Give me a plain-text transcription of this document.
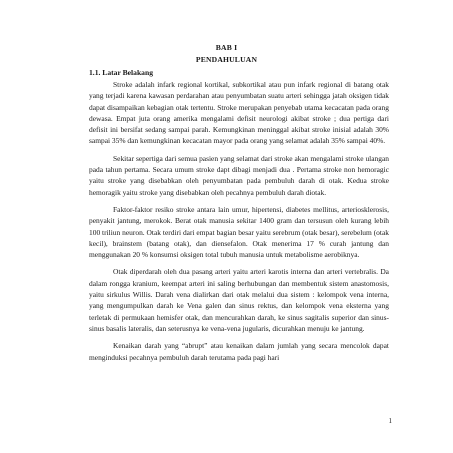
BAB I
PENDAHULUAN
1.1. Latar Belakang

Stroke adalah infark regional kortikal, subkortikal atau pun infark regional di batang otak yang terjadi karena kawasan perdarahan atau penyumbatan suatu arteri sehingga jatah oksigen tidak dapat disampaikan kebagian otak tertentu. Stroke merupakan penyebab utama kecacatan pada orang dewasa. Empat juta orang amerika mengalami defisit neurologi akibat stroke ; dua pertiga dari defisit ini bersifat sedang sampai parah. Kemungkinan meninggal akibat stroke inisial adalah 30% sampai 35% dan kemungkinan kecacatan mayor pada orang yang selamat adalah 35% sampai 40%.

Sekitar sepertiga dari semua pasien yang selamat dari stroke akan mengalami stroke ulangan pada tahun pertama. Secara umum stroke dapt dibagi menjadi dua . Pertama stroke non hemoragic yaitu stroke yang disebabkan oleh penyumbatan pada pembuluh darah di otak. Kedua stroke hemoragik yaitu stroke yang disebabkan oleh pecahnya pembuluh darah diotak.

Faktor-faktor resiko stroke antara lain umur, hipertensi, diabetes mellitus, arteriosklerosis, penyakit jantung, merokok. Berat otak manusia sekitar 1400 gram dan tersusun oleh kurang lebih 100 triliun neuron. Otak terdiri dari empat bagian besar yaitu serebrum (otak besar), serebelum (otak kecil), brainstem (batang otak), dan diensefalon. Otak menerima 17 % curah jantung dan menggunakan 20 % konsumsi oksigen total tubuh manusia untuk metabolisme aerobiknya.

Otak diperdarah oleh dua pasang arteri yaitu arteri karotis interna dan arteri vertebralis. Da dalam rongga kranium, keempat arteri ini saling berhubungan dan membentuk sistem anastomosis, yaitu sirkulus Willis. Darah vena dialirkan dari otak melalui dua sistem : kelompok vena interna, yang mengumpulkan darah ke Vena galen dan sinus rektus, dan kelompok vena eksterna yang terletak di permukaan hemisfer otak, dan mencurahkan darah, ke sinus sagitalis superior dan sinus-sinus basalis lateralis, dan seterusnya ke vena-vena jugularis, dicurahkan menuju ke jantung.

Kenaikan darah yang “abrupt” atau kenaikan dalam jumlah yang secara mencolok dapat menginduksi pecahnya pembuluh darah terutama pada pagi hari

1
